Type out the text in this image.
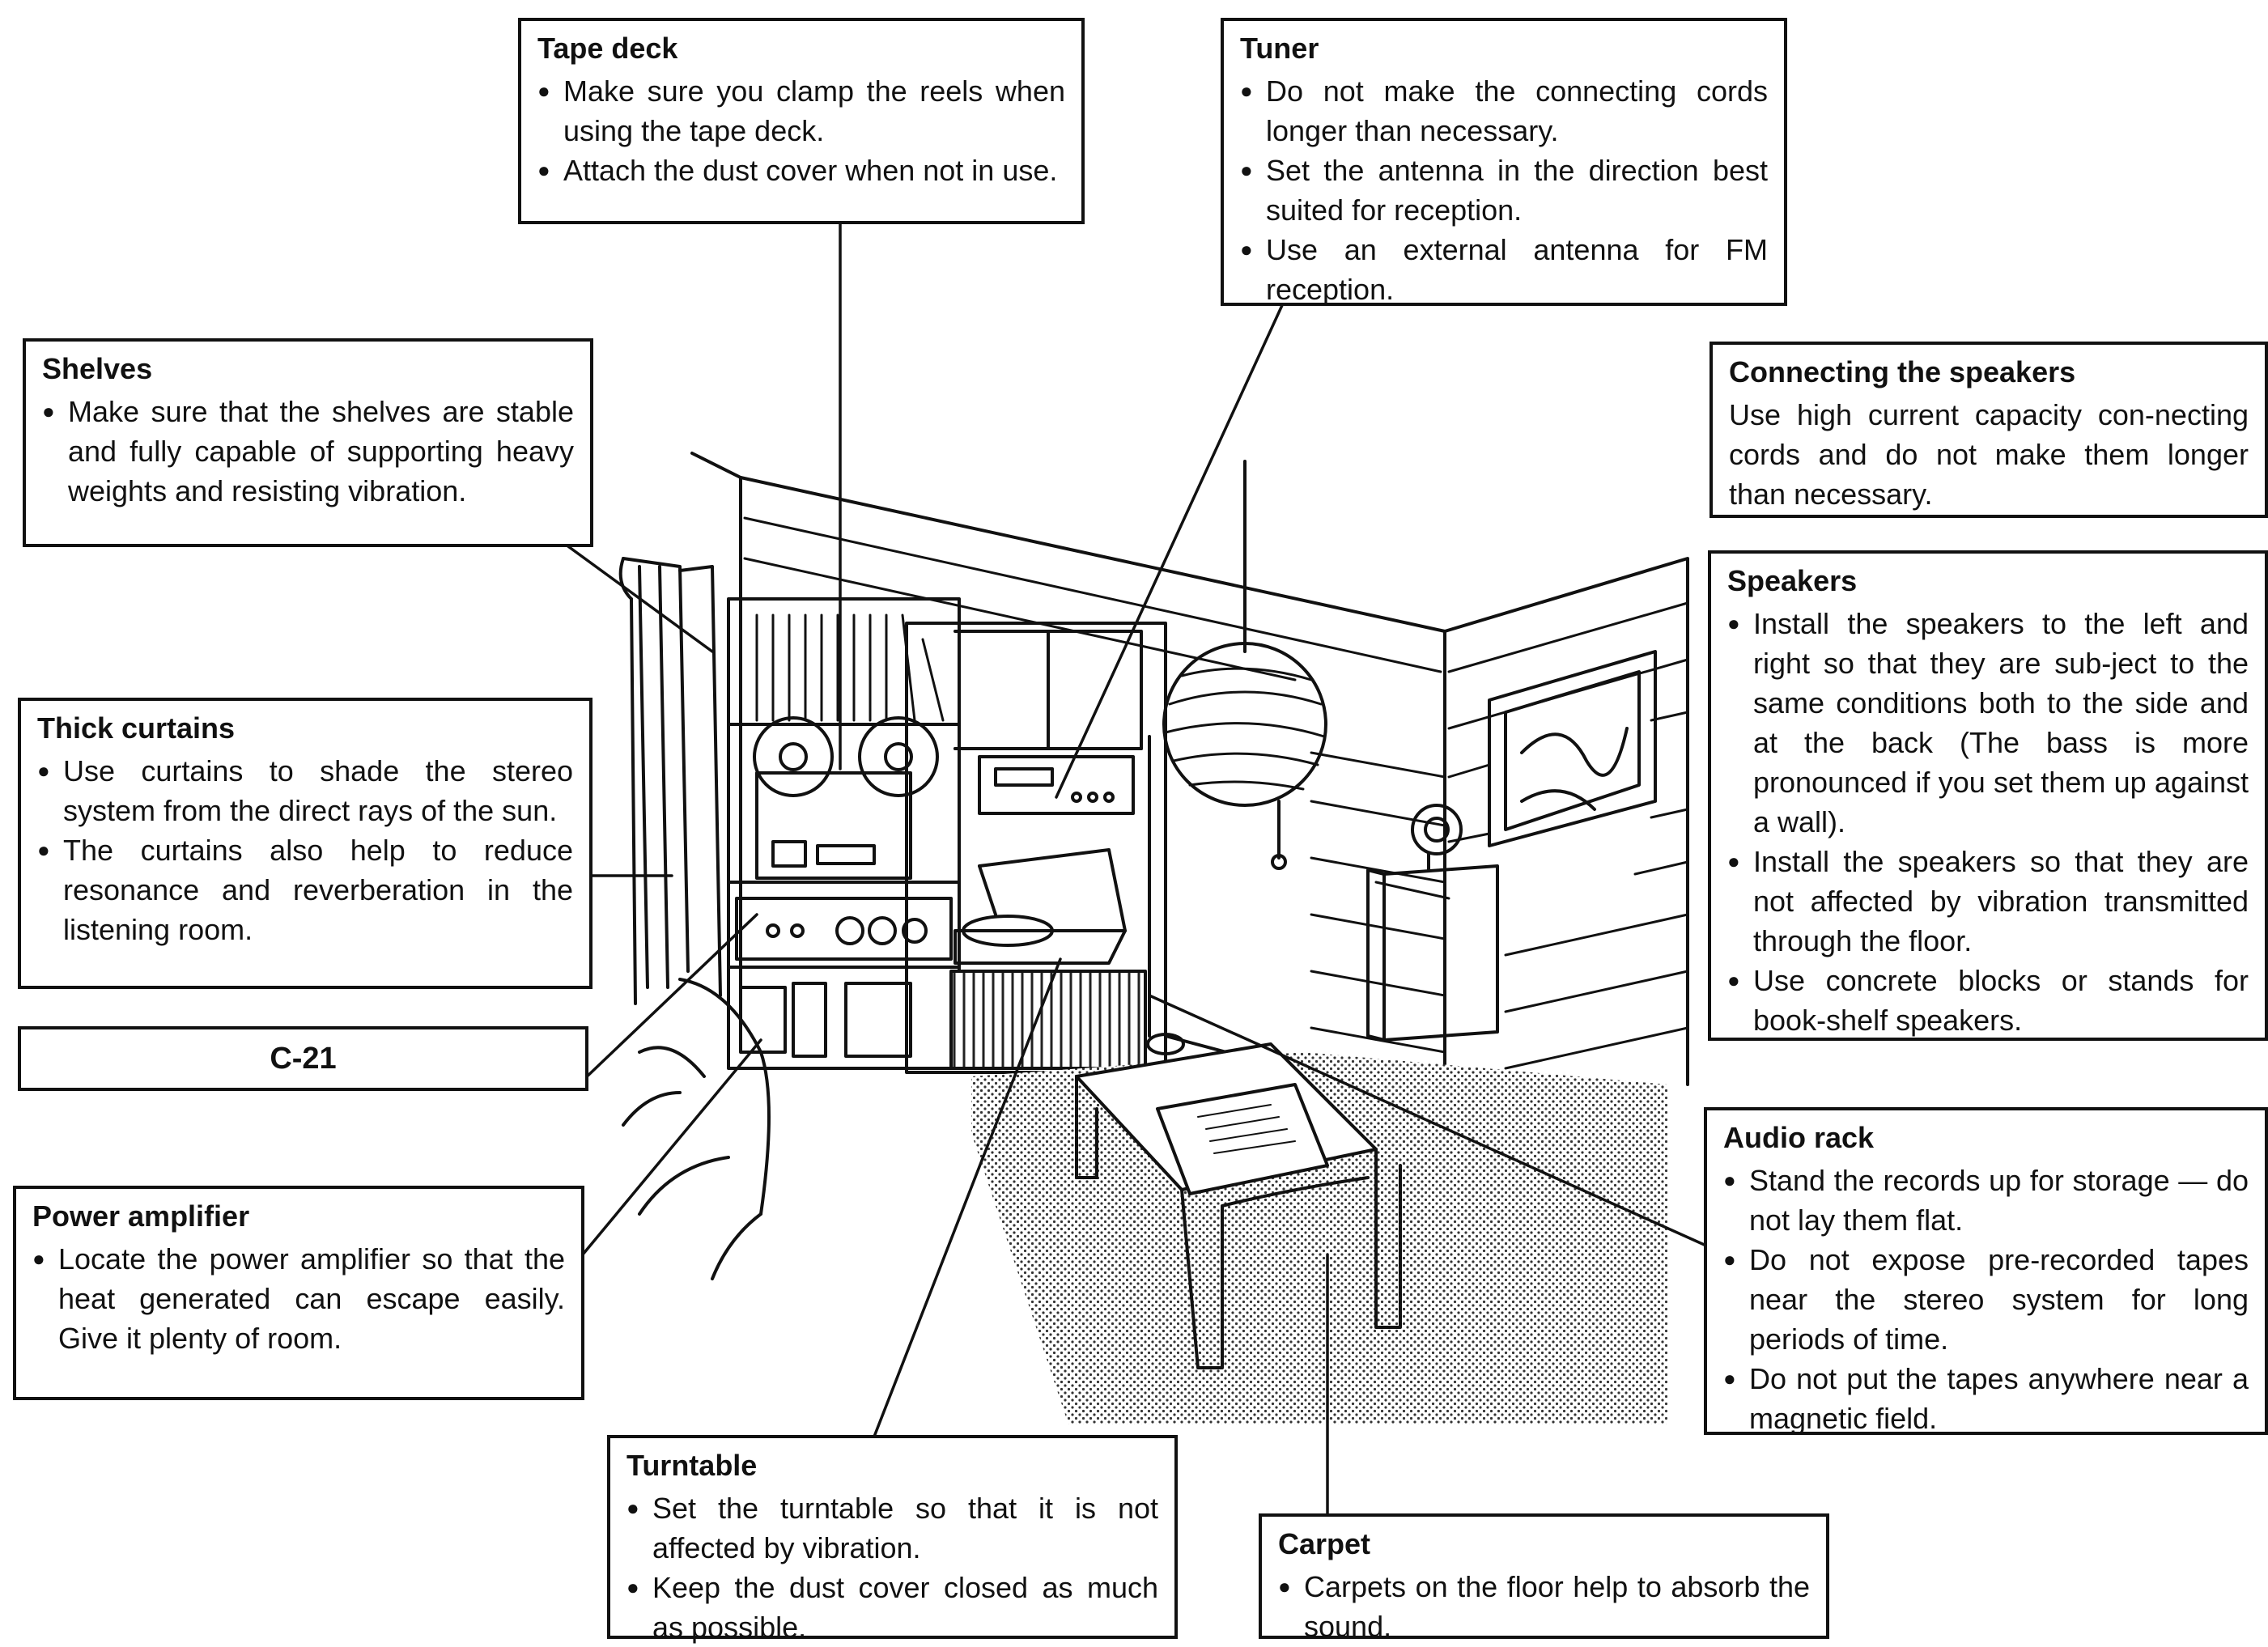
Tape deck
● Make sure you clamp the reels when using the tape deck.
● Attach the dust cover when not in use.
Tuner
● Do not make the connecting cords longer than necessary.
● Set the antenna in the direction best suited for reception.
● Use an external antenna for FM reception.
Shelves
● Make sure that the shelves are stable and fully capable of supporting heavy weights and resisting vibration.
Connecting the speakers

Use high current capacity con-necting cords and do not make them longer than necessary.

Speakers
● Install the speakers to the left and right so that they are sub-ject to the same conditions both to the side and at the back (The bass is more pronounced if you set them up against a wall).
● Install the speakers so that they are not affected by vibration transmitted through the floor.
● Use concrete blocks or stands for book-shelf speakers.
Thick curtains
● Use curtains to shade the stereo system from the direct rays of the sun.
● The curtains also help to reduce resonance and reverberation in the listening room.
C-21
Power amplifier
● Locate the power amplifier so that the heat generated can escape easily. Give it plenty of room.
Audio rack
● Stand the records up for storage — do not lay them flat.
● Do not expose pre-recorded tapes near the stereo system for long periods of time.
● Do not put the tapes anywhere near a magnetic field.
Turntable
● Set the turntable so that it is not affected by vibration.
● Keep the dust cover closed as much as possible.
Carpet
● Carpets on the floor help to absorb the sound.
